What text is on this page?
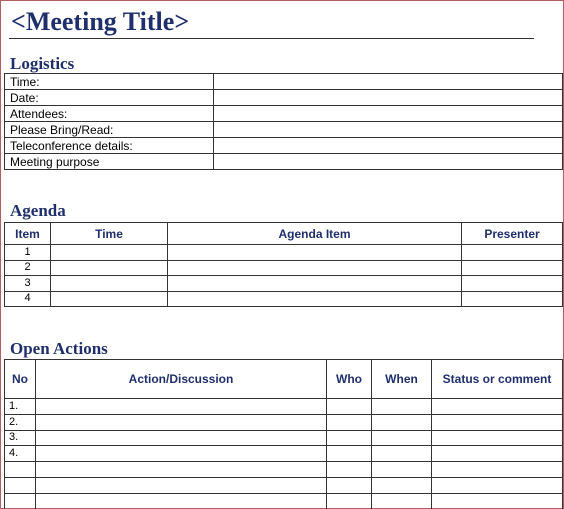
<Meeting Title>
Logistics
Time:	
Date:	
Attendees:	
Please Bring/Read:	
Teleconference details:	
Meeting purpose	
Agenda
Item	Time	Agenda Item	Presenter
1			
2			
3			
4			
Open Actions
No	Action/Discussion	Who	When	Status or comment
1.				
2.				
3.				
4.				
